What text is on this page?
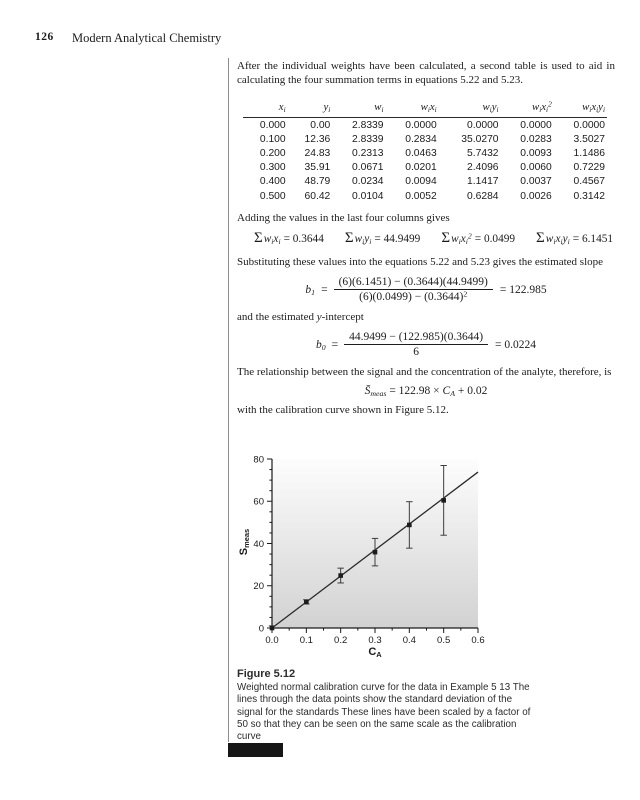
126 Modern Analytical Chemistry

After the individual weights have been calculated, a second table is used to aid in calculating the four summation terms in equations 5.22 and 5.23.

$x_i$	$y_i$	$w_i$	$w_ix_i$	$w_iy_i$	$w_ix_i^2$	$w_ix_iy_i$
0.000	0.00	2.8339	0.0000	0.0000	0.0000	0.0000
0.100	12.36	2.8339	0.2834	35.0270	0.0283	3.5027
0.200	24.83	0.2313	0.0463	5.7432	0.0093	1.1486
0.300	35.91	0.0671	0.0201	2.4096	0.0060	0.7229
0.400	48.79	0.0234	0.0094	1.1417	0.0037	0.4567
0.500	60.42	0.0104	0.0052	0.6284	0.0026	0.3142

Adding the values in the last four columns gives

Σ $w_ix_i = 0.3644$ Σ $w_iy_i = 44.9499$ Σ $w_ix_i^2 = 0.0499$ Σ $w_ix_iy_i = 6.1451$

Substituting these values into the equations 5.22 and 5.23 gives the estimated slope

$b_1 = \frac{(6)(6.1451) - (0.3644)(44.9499)}{(6)(0.0499) - (0.3644)^2} = 122.985$

and the estimated y-intercept

$b_0 = \frac{44.9499 - (122.985)(0.3644)}{6} = 0.0224$

The relationship between the signal and the concentration of the analyte, therefore, is

$S̄_{meas} = 122.98 \times C_A + 0.02$

with the calibration curve shown in Figure 5.12.

0.0 0.1 0.2 0.3 0.4 0.5 0.6
0
20
40
60
80
$S_{meas}$
$C_A$
Figure 5.12
Weighted normal calibration curve for the data in Example 5 13 The lines through the data points show the standard deviation of the signal for the standards These lines have been scaled by a factor of 50 so that they can be seen on the same scale as the calibration curve
